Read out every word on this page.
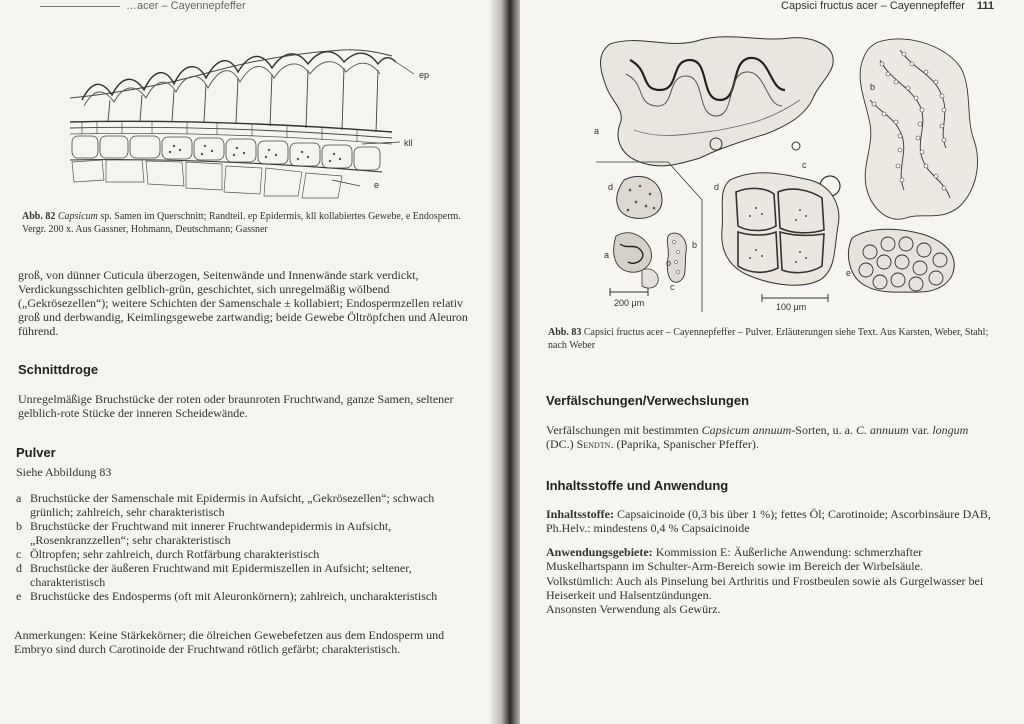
…acer – Cayennepfeffer
ep
kll
e
Abb. 82 Capsicum sp. Samen im Querschnitt; Randteil. ep Epidermis, kll kollabiertes Gewebe, e Endosperm. Vergr. 200 x. Aus Gassner, Hohmann, Deutschmann; Gassner
groß, von dünner Cuticula überzogen, Seitenwände und Innenwände stark verdickt, Verdickungsschichten gelblich-grün, geschichtet, sich unregelmäßig wölbend („Gekrösezellen“); weitere Schichten der Samenschale ± kollabiert; Endospermzellen relativ groß und derbwandig, Keimlingsgewebe zartwandig; beide Gewebe Öltröpfchen und Aleuron führend.
Schnittdroge
Unregelmäßige Bruchstücke der roten oder braunroten Fruchtwand, ganze Samen, seltener gelblich-rote Stücke der inneren Scheidewände.
Pulver
Siehe Abbildung 83
a Bruchstücke der Samenschale mit Epidermis in Aufsicht, „Gekrösezellen“; schwach grünlich; zahlreich, sehr charakteristisch
b Bruchstücke der Fruchtwand mit innerer Fruchtwandepidermis in Aufsicht, „Rosenkranzzellen“; sehr charakteristisch
c Öltropfen; sehr zahlreich, durch Rotfärbung charakteristisch
d Bruchstücke der äußeren Fruchtwand mit Epidermiszellen in Aufsicht; seltener, charakteristisch
e Bruchstücke des Endosperms (oft mit Aleuronkörnern); zahlreich, uncharakteristisch
Anmerkungen: Keine Stärkekörner; die ölreichen Gewebefetzen aus dem Endosperm und Embryo sind durch Carotinoide der Fruchtwand rötlich gefärbt; charakteristisch.
Capsici fructus acer – Cayennepfeffer 111
a
c
b
d
a
b
o
c
200 μm
d
e
100 μm
Abb. 83 Capsici fructus acer – Cayennepfeffer – Pulver. Erläuterungen siehe Text. Aus Karsten, Weber, Stahl; nach Weber
Verfälschungen/Verwechslungen
Verfälschungen mit bestimmten Capsicum annuum-Sorten, u. a. C. annuum var. longum (DC.) Sendtn. (Paprika, Spanischer Pfeffer).
Inhaltsstoffe und Anwendung
Inhaltsstoffe: Capsaicinoide (0,3 bis über 1 %); fettes Öl; Carotinoide; Ascorbinsäure DAB, Ph.Helv.: mindestens 0,4 % Capsaicinoide
Anwendungsgebiete: Kommission E: Äußerliche Anwendung: schmerzhafter Muskelhartspann im Schulter-Arm-Bereich sowie im Bereich der Wirbelsäule.
Volkstümlich: Auch als Pinselung bei Arthritis und Frostbeulen sowie als Gurgelwasser bei Heiserkeit und Halsentzündungen.
Ansonsten Verwendung als Gewürz.
